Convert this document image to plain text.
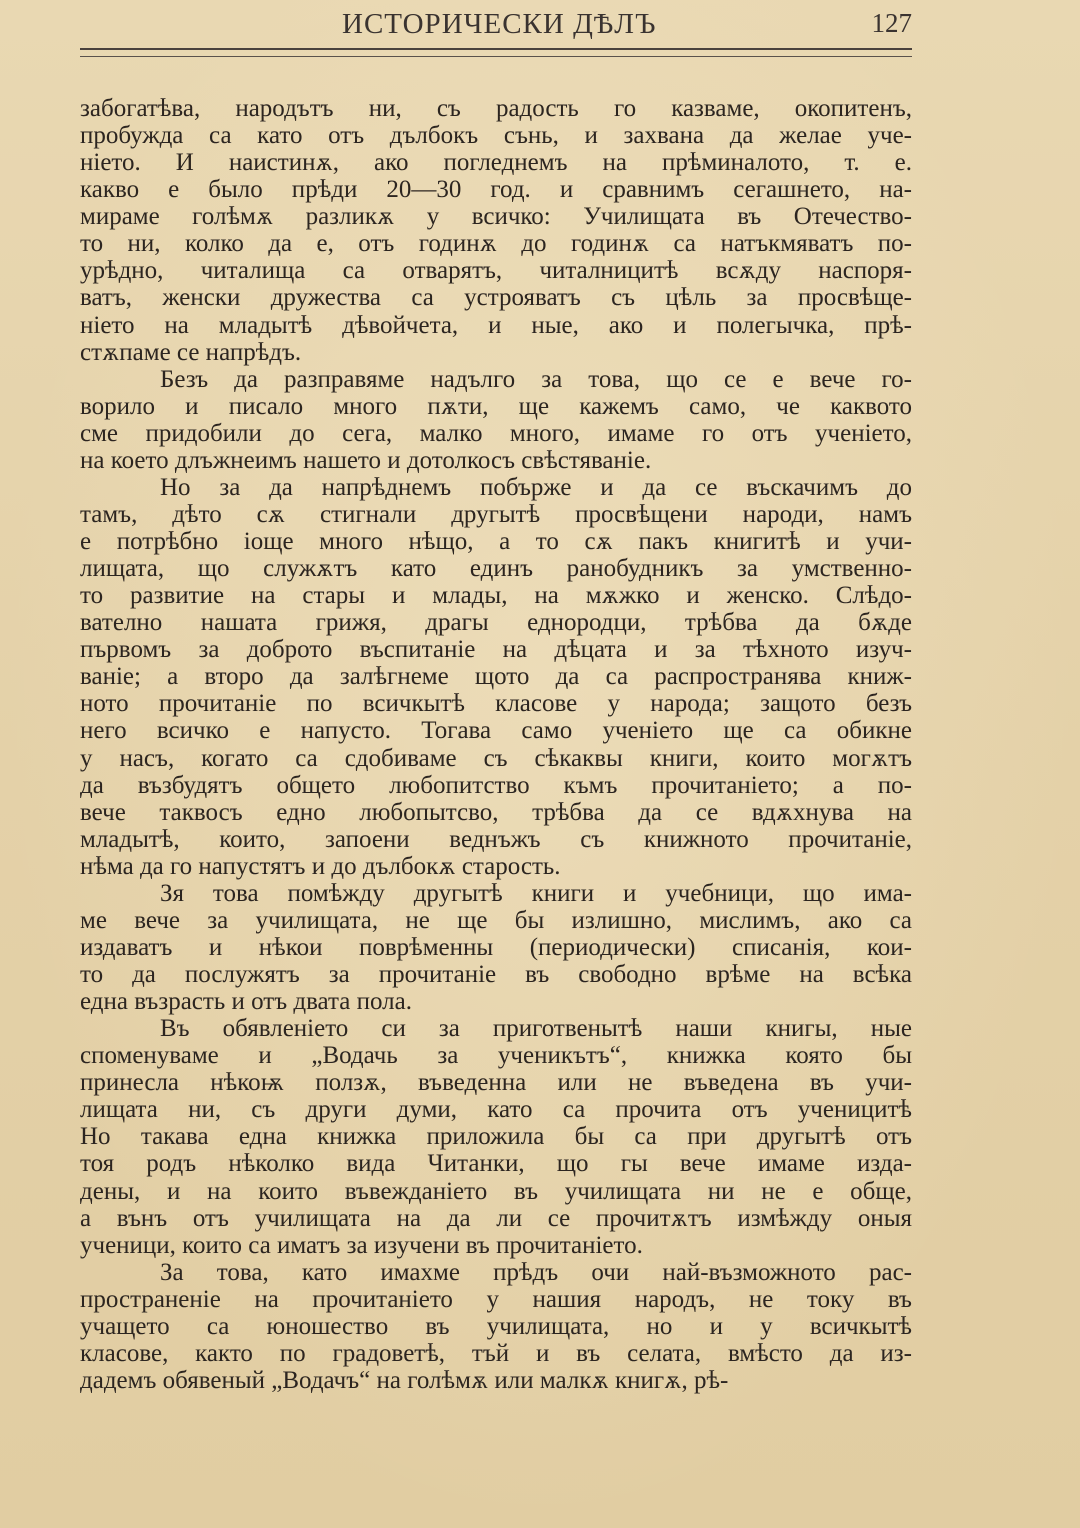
ИСТОРИЧЕСКИ ДѢЛЪ	127
забогатѣва, народътъ ни, съ радость го казваме, окопитенъ,
пробужда са като отъ дълбокъ сънь, и захвана да желае уче-
нiето. И наистинѫ, ако погледнемъ на прѣминалото, т. е.
какво е было прѣди 20—30 год. и сравнимъ сегашнето, на-
мираме голѣмѫ разликѫ у всичко: Училищата въ Отечество-
то ни, колко да е, отъ годинѫ до годинѫ са натъкмяватъ по-
урѣдно, читалища са отварятъ, читалницитѣ всѫду наспоря-
ватъ, женски дружества са устрояватъ съ цѣль за просвѣще-
нiето на младытѣ дѣвойчета, и ные, ако и полегычка, прѣ-
стѫпаме се напрѣдъ.
Безъ да разправяме надълго за това, що се е вече го-
ворило и писало много пѫти, ще кажемъ само, че каквото
сме придобили до сега, малко много, имаме го отъ ученiето,
на което длъжнеимъ нашето и дотолкосъ свѣстяванiе.
Но за да напрѣднемъ побърже и да се въскачимъ до
тамъ, дѣто сѫ стигнали другытѣ просвѣщени народи, намъ
е потрѣбно iоще много нѣщо, а то сѫ пакъ книгитѣ и учи-
лищата, що служѫтъ като единъ ранобудникъ за умственно-
то развитие на стары и млады, на мѫжко и женско. Слѣдо-
вателно нашата грижя, драгы еднородци, трѣбва да бѫде
първомъ за доброто въспитанiе на дѣцата и за тѣхното изуч-
ванiе; а второ да залѣгнеме щото да са распространява книж-
ното прочитанiе по всичкытѣ класове у народа; защото безъ
него всичко е напусто. Тогава само ученiето ще са обикне
у насъ, когато са сдобиваме съ сѣкаквы книги, които могѫтъ
да възбудятъ общето любопитство къмъ прочитанiето; а по-
вече таквосъ едно любопытсво, трѣбва да се вдѫхнува на
младытѣ, които, запоени веднъжъ съ книжното прочитанiе,
нѣма да го напустятъ и до дълбокѫ старость.
Зя това помѣжду другытѣ книги и учебници, що има-
ме вече за училищата, не ще бы излишно, мислимъ, ако са
издаватъ и нѣкои поврѣменны (периодически) списанiя, кои-
то да послужятъ за прочитанiе въ свободно врѣме на всѣка
една възрасть и отъ двата пола.
Въ обявленiето си за приготвенытѣ наши книгы, ные
споменуваме и „Водачь за ученикътъ“, книжка която бы
принесла нѣкоѭ ползѫ, въведенна или не въведена въ учи-
лищата ни, съ други думи, като са прочита отъ ученицитѣ
Но такава една книжка приложила бы са при другытѣ отъ
тоя родъ нѣколко вида Читанки, що гы вече имаме изда-
дены, и на които въвежданiето въ училищата ни не е обще,
а вънъ отъ училищата на да ли се прочитѫтъ измѣжду оныя
ученици, които са иматъ за изучени въ прочитанiето.
За това, като имахме прѣдъ очи най-възможното рас-
пространенiе на прочитанiето у нашия народъ, не току въ
учащето са юношество въ училищата, но и у всичкытѣ
класове, както по градоветѣ, тъй и въ селата, вмѣсто да из-
дадемъ обявеный „Водачъ“ на голѣмѫ или малкѫ книгѫ, рѣ-
